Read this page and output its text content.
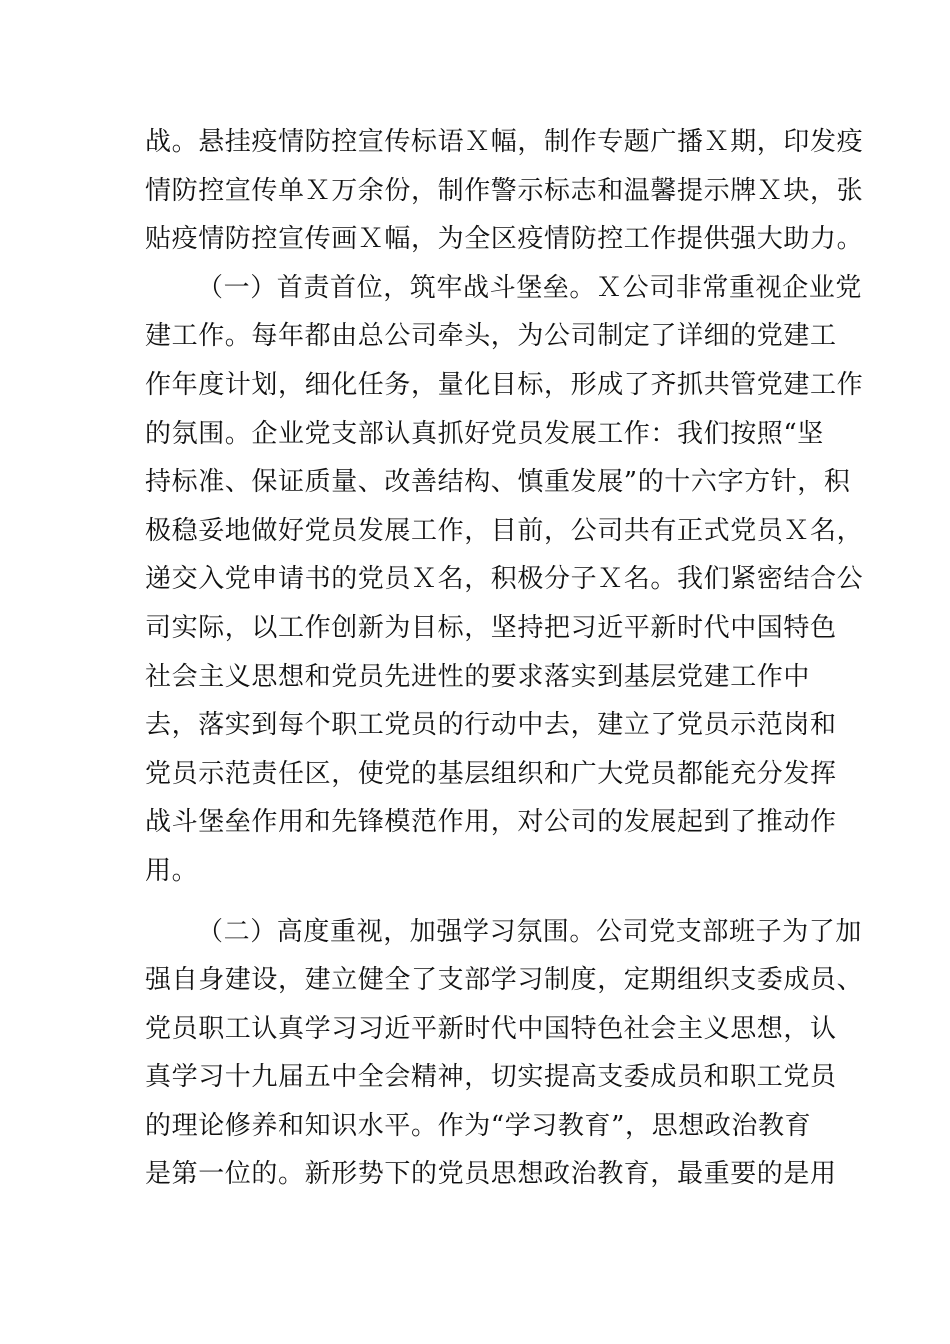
战。悬挂疫情防控宣传标语Ｘ幅，制作专题广播Ｘ期，印发疫
情防控宣传单Ｘ万余份，制作警示标志和温馨提示牌Ｘ块，张
贴疫情防控宣传画Ｘ幅，为全区疫情防控工作提供强大助力。
（一）首责首位，筑牢战斗堡垒。Ｘ公司非常重视企业党
建工作。每年都由总公司牵头，为公司制定了详细的党建工
作年度计划，细化任务，量化目标，形成了齐抓共管党建工作
的氛围。企业党支部认真抓好党员发展工作：我们按照“坚
持标准、保证质量、改善结构、慎重发展”的十六字方针，积
极稳妥地做好党员发展工作，目前，公司共有正式党员Ｘ名，
递交入党申请书的党员Ｘ名，积极分子Ｘ名。我们紧密结合公
司实际，以工作创新为目标，坚持把习近平新时代中国特色
社会主义思想和党员先进性的要求落实到基层党建工作中
去，落实到每个职工党员的行动中去，建立了党员示范岗和
党员示范责任区，使党的基层组织和广大党员都能充分发挥
战斗堡垒作用和先锋模范作用，对公司的发展起到了推动作
用。
（二）高度重视，加强学习氛围。公司党支部班子为了加
强自身建设，建立健全了支部学习制度，定期组织支委成员、
党员职工认真学习习近平新时代中国特色社会主义思想，认
真学习十九届五中全会精神，切实提高支委成员和职工党员
的理论修养和知识水平。作为“学习教育”，思想政治教育
是第一位的。新形势下的党员思想政治教育，最重要的是用
